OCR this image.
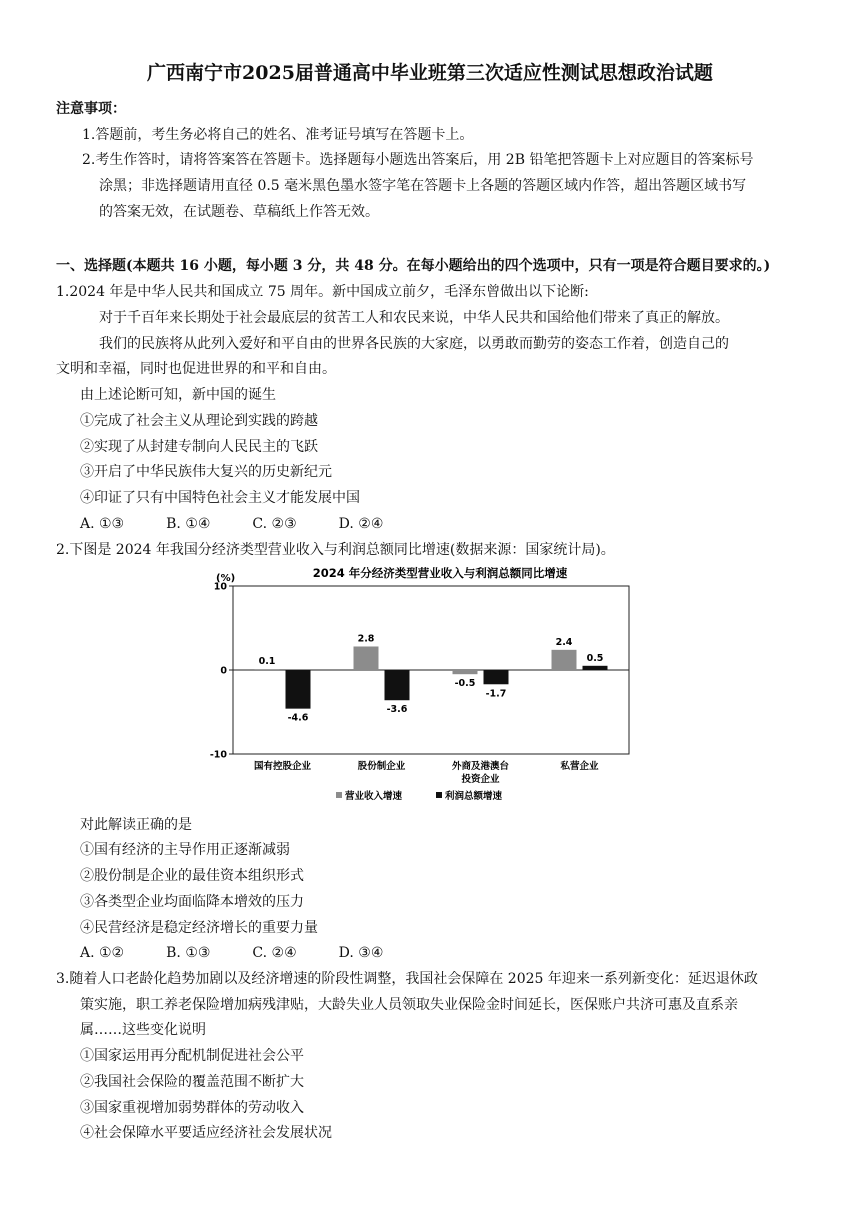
广西南宁市2025届普通高中毕业班第三次适应性测试思想政治试题
注意事项：
1.答题前，考生务必将自己的姓名、准考证号填写在答题卡上。
2.考生作答时，请将答案答在答题卡。选择题每小题选出答案后，用 2B 铅笔把答题卡上对应题目的答案标号
涂黑；非选择题请用直径 0.5 毫米黑色墨水签字笔在答题卡上各题的答题区域内作答，超出答题区域书写
的答案无效，在试题卷、草稿纸上作答无效。
一、选择题(本题共 16 小题，每小题 3 分，共 48 分。在每小题给出的四个选项中，只有一项是符合题目要求的。)
1.2024 年是中华人民共和国成立 75 周年。新中国成立前夕，毛泽东曾做出以下论断:
对于千百年来长期处于社会最底层的贫苦工人和农民来说，中华人民共和国给他们带来了真正的解放。
我们的民族将从此列入爱好和平自由的世界各民族的大家庭，以勇敢而勤劳的姿态工作着，创造自己的
文明和幸福，同时也促进世界的和平和自由。
由上述论断可知，新中国的诞生
①完成了社会主义从理论到实践的跨越
②实现了从封建专制向人民民主的飞跃
③开启了中华民族伟大复兴的历史新纪元
④印证了只有中国特色社会主义才能发展中国
A. ①③	B. ①④	C. ②③	D. ②④
2.下图是 2024 年我国分经济类型营业收入与利润总额同比增速(数据来源：国家统计局)。
2024 年分经济类型营业收入与利润总额同比增速
(%)
10
0
-10
0.1
-4.6
国有控股企业
2.8
-3.6
股份制企业
-0.5
-1.7
外商及港澳台
投资企业
2.4
0.5
私营企业
营业收入增速	利润总额增速
对此解读正确的是
①国有经济的主导作用正逐渐减弱
②股份制是企业的最佳资本组织形式
③各类型企业均面临降本增效的压力
④民营经济是稳定经济增长的重要力量
A. ①②	B. ①③	C. ②④	D. ③④
3.随着人口老龄化趋势加剧以及经济增速的阶段性调整，我国社会保障在 2025 年迎来一系列新变化：延迟退休政
策实施，职工养老保险增加病残津贴，大龄失业人员领取失业保险金时间延长，医保账户共济可惠及直系亲
属……这些变化说明
①国家运用再分配机制促进社会公平
②我国社会保险的覆盖范围不断扩大
③国家重视增加弱势群体的劳动收入
④社会保障水平要适应经济社会发展状况
